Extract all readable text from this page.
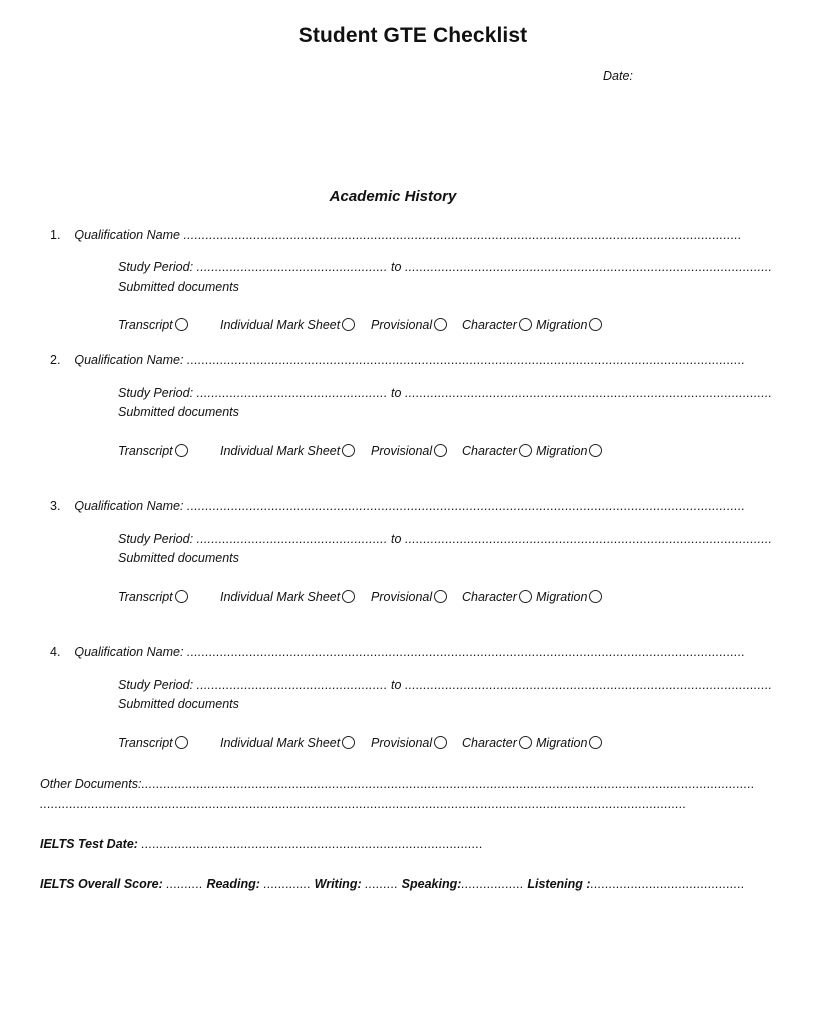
Student GTE Checklist
Date:
Academic History
1. Qualification Name ........................................................................................................................................................
Study Period: .................................................... to ....................................................................................................
Submitted documents
Transcript	Individual Mark Sheet	Provisional	Character	Migration
2. Qualification Name: ........................................................................................................................................................
Study Period: .................................................... to ....................................................................................................
Submitted documents
Transcript	Individual Mark Sheet	Provisional	Character	Migration
3. Qualification Name: ........................................................................................................................................................
Study Period: .................................................... to ....................................................................................................
Submitted documents
Transcript	Individual Mark Sheet	Provisional	Character	Migration
4. Qualification Name: ........................................................................................................................................................
Study Period: .................................................... to ....................................................................................................
Submitted documents
Transcript	Individual Mark Sheet	Provisional	Character	Migration
Other Documents:.......................................................................................................................................................................
................................................................................................................................................................................
IELTS Test Date: .............................................................................................
IELTS Overall Score: .......... Reading: ............. Writing: ......... Speaking:................. Listening :..........................................
